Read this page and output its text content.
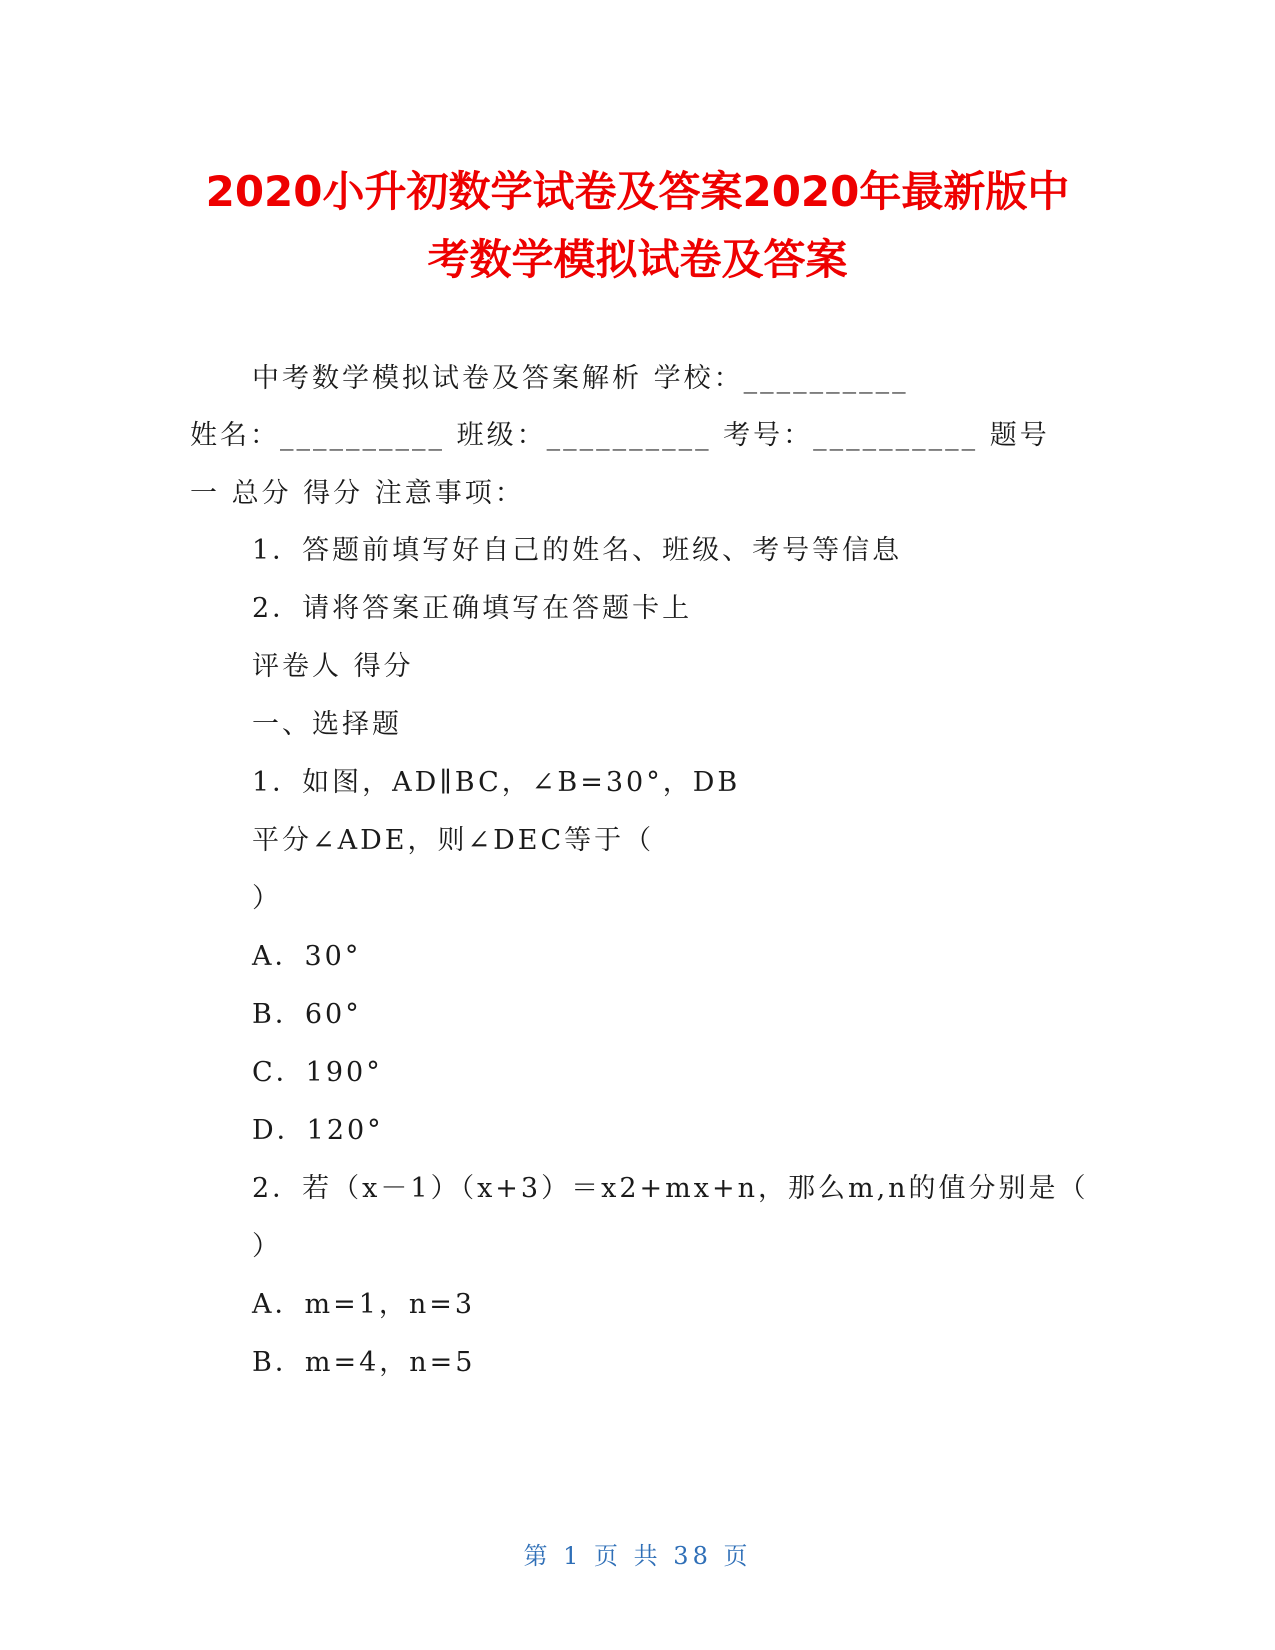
2020小升初数学试卷及答案2020年最新版中
考数学模拟试卷及答案
中考数学模拟试卷及答案解析 学校：__________
姓名：__________ 班级：__________ 考号：__________ 题号
一 总分 得分 注意事项：
1．答题前填写好自己的姓名、班级、考号等信息
2．请将答案正确填写在答题卡上
评卷人 得分
一、选择题
1．如图，AD∥BC，∠B=30°，DB
平分∠ADE，则∠DEC等于（
）
A．30°
B．60°
C．190°
D．120°
2．若（x－1）（x+3）＝x2+mx+n，那么m,n的值分别是（
）
A．m=1，n=3
B．m=4，n=5
第 1 页 共 38 页
